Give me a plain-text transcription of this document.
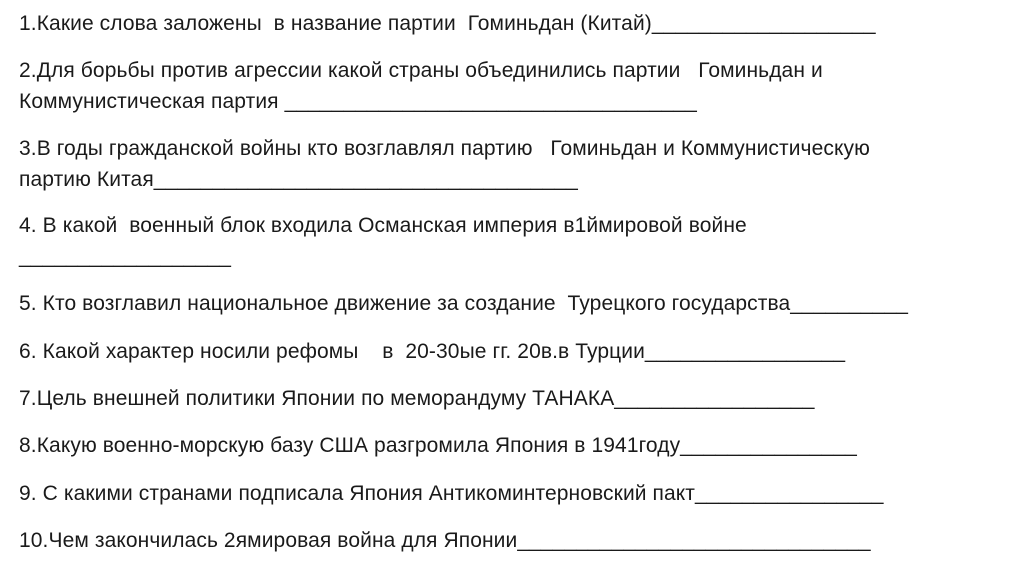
1.Какие слова заложены  в название партии  Гоминьдан (Китай)___________________

2.Для борьбы против агрессии какой страны объединились партии   Гоминьдан и
Коммунистическая партия ___________________________________

3.В годы гражданской войны кто возглавлял партию   Гоминьдан и Коммунистическую
партию Китая____________________________________

4. В какой  военный блок входила Османская империя в1ймировой войне
__________________

5. Кто возглавил национальное движение за создание  Турецкого государства__________

6. Какой характер носили рефомы    в  20-30ые гг. 20в.в Турции_________________

7.Цель внешней политики Японии по меморандуму ТАНАКА_________________

8.Какую военно-морскую базу США разгромила Япония в 1941году_______________

9. С какими странами подписала Япония Антикоминтерновский пакт________________

10.Чем закончилась 2ямировая война для Японии______________________________
